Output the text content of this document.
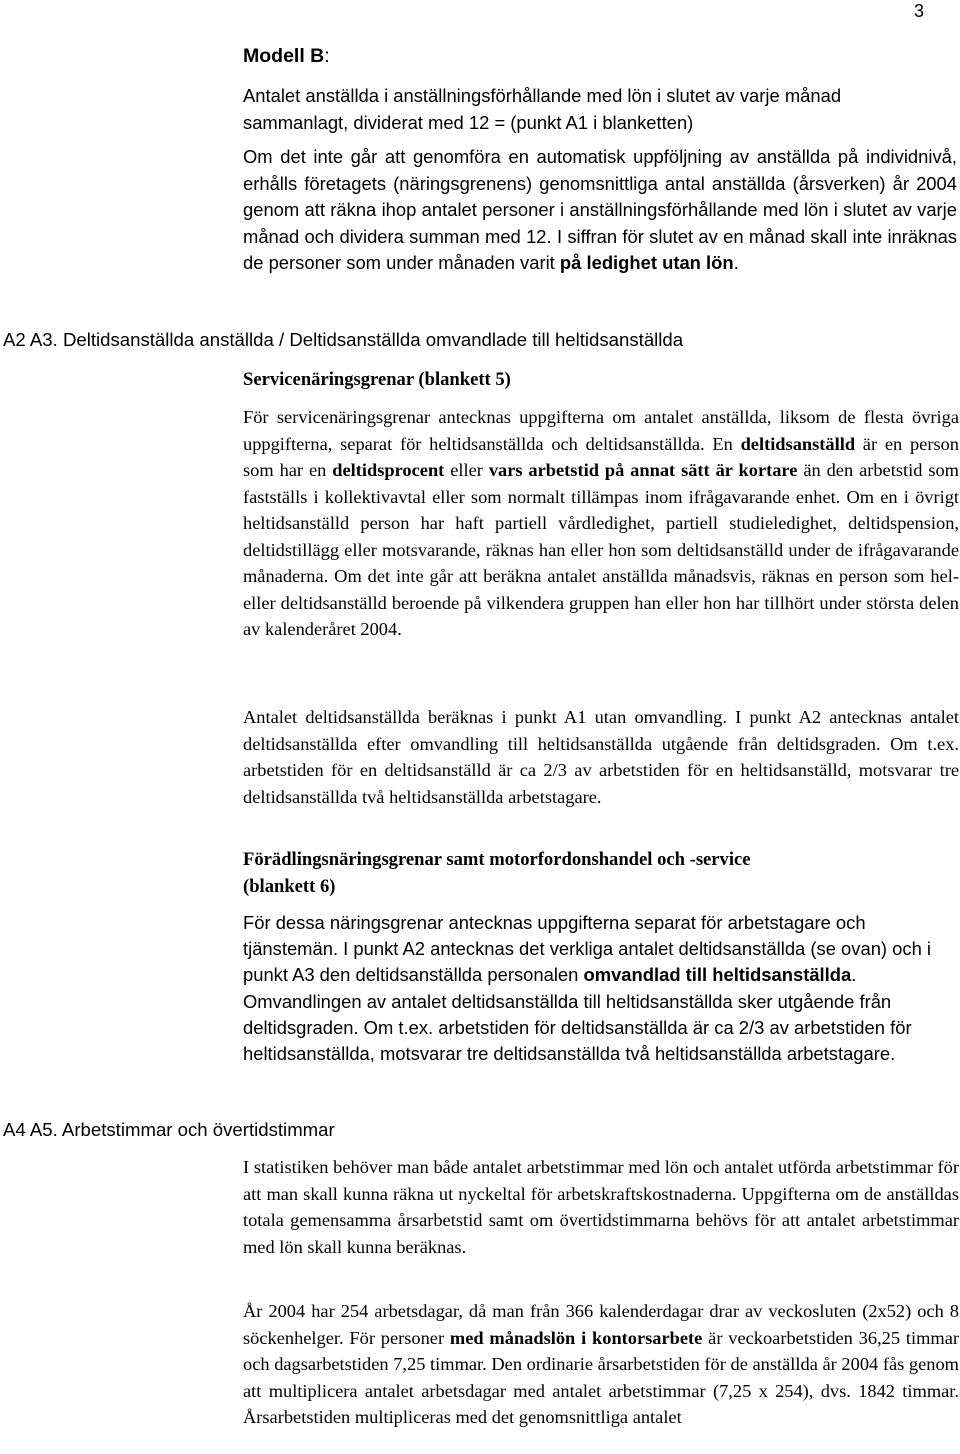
3
Modell B:

Antalet anställda i anställningsförhållande med lön i slutet av varje månad sammanlagt, dividerat med 12 = (punkt A1 i blanketten)

Om det inte går att genomföra en automatisk uppföljning av anställda på individnivå, erhålls företagets (näringsgrenens) genomsnittliga antal anställda (årsverken) år 2004 genom att räkna ihop antalet personer i anställningsförhållande med lön i slutet av varje månad och dividera summan med 12. I siffran för slutet av en månad skall inte inräknas de personer som under månaden varit på ledighet utan lön.

A2 A3. Deltidsanställda anställda / Deltidsanställda omvandlade till heltidsanställda

Servicenäringsgrenar (blankett 5)

För servicenäringsgrenar antecknas uppgifterna om antalet anställda, liksom de flesta övriga uppgifterna, separat för heltidsanställda och deltidsanställda. En deltidsanställd är en person som har en deltidsprocent eller vars arbetstid på annat sätt är kortare än den arbetstid som fastställs i kollektivavtal eller som normalt tillämpas inom ifrågavarande enhet. Om en i övrigt heltidsanställd person har haft partiell vårdledighet, partiell studieledighet, deltidspension, deltidstillägg eller motsvarande, räknas han eller hon som deltidsanställd under de ifrågavarande månaderna. Om det inte går att beräkna antalet anställda månadsvis, räknas en person som hel- eller deltidsanställd beroende på vilkendera gruppen han eller hon har tillhört under största delen av kalenderåret 2004.

Antalet deltidsanställda beräknas i punkt A1 utan omvandling. I punkt A2 antecknas antalet deltidsanställda efter omvandling till heltidsanställda utgående från deltidsgraden. Om t.ex. arbetstiden för en deltidsanställd är ca 2/3 av arbetstiden för en heltidsanställd, motsvarar tre deltidsanställda två heltidsanställda arbetstagare.

Förädlingsnäringsgrenar samt motorfordonshandel och -service

(blankett 6)

För dessa näringsgrenar antecknas uppgifterna separat för arbetstagare och tjänstemän. I punkt A2 antecknas det verkliga antalet deltidsanställda (se ovan) och i punkt A3 den deltidsanställda personalen omvandlad till heltidsanställda. Omvandlingen av antalet deltidsanställda till heltidsanställda sker utgående från deltidsgraden. Om t.ex. arbetstiden för deltidsanställda är ca 2/3 av arbetstiden för heltidsanställda, motsvarar tre deltidsanställda två heltidsanställda arbetstagare.

A4 A5. Arbetstimmar och övertidstimmar

I statistiken behöver man både antalet arbetstimmar med lön och antalet utförda arbetstimmar för att man skall kunna räkna ut nyckeltal för arbetskraftskostnaderna. Uppgifterna om de anställdas totala gemensamma årsarbetstid samt om övertidstimmarna behövs för att antalet arbetstimmar med lön skall kunna beräknas.

År 2004 har 254 arbetsdagar, då man från 366 kalenderdagar drar av veckosluten (2x52) och 8 söckenhelger. För personer med månadslön i kontorsarbete är veckoarbetstiden 36,25 timmar och dagsarbetstiden 7,25 timmar. Den ordinarie årsarbetstiden för de anställda år 2004 fås genom att multiplicera antalet arbetsdagar med antalet arbetstimmar (7,25 x 254), dvs. 1842 timmar. Årsarbetstiden multipliceras med det genomsnittliga antalet
